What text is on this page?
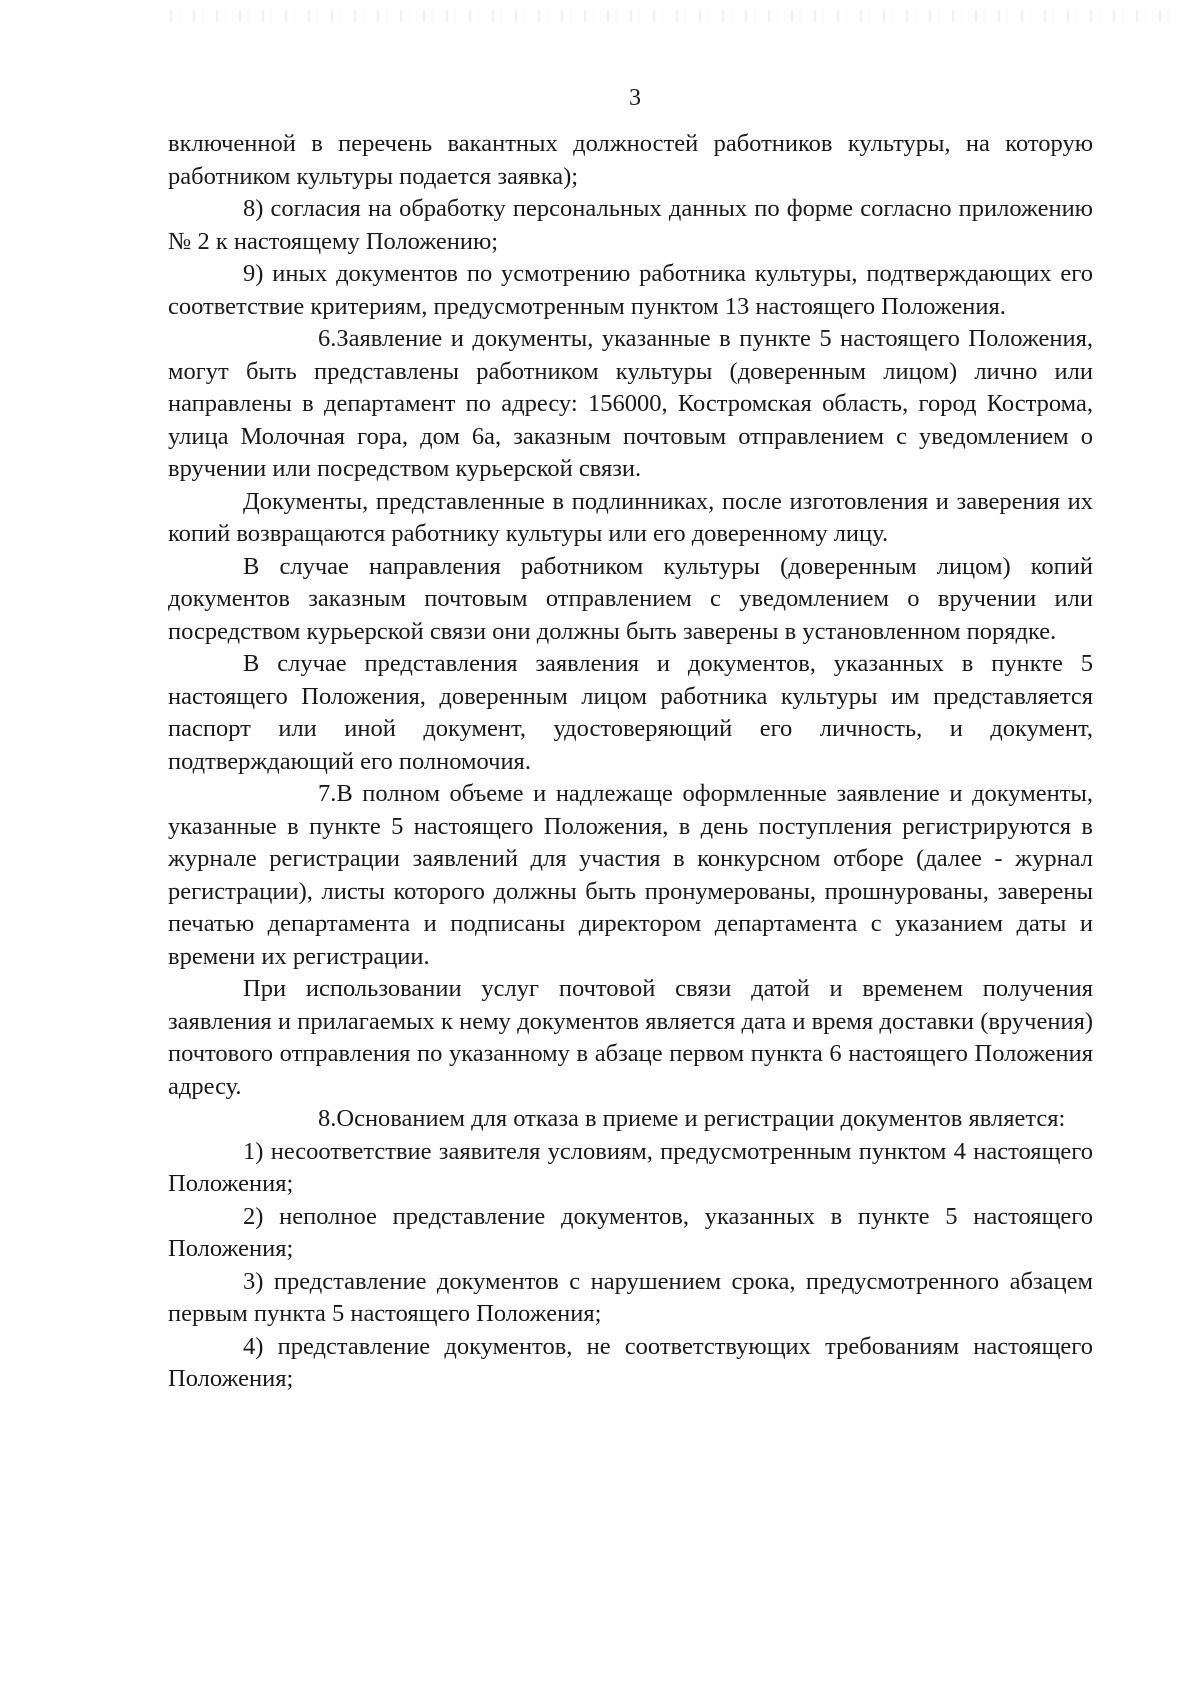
3

включенной в перечень вакантных должностей работников культуры, на которую работником культуры подается заявка);

8) согласия на обработку персональных данных по форме согласно приложению № 2 к настоящему Положению;

9) иных документов по усмотрению работника культуры, подтверждающих его соответствие критериям, предусмотренным пунктом 13 настоящего Положения.

6.Заявление и документы, указанные в пункте 5 настоящего Положения, могут быть представлены работником культуры (доверенным лицом) лично или направлены в департамент по адресу: 156000, Костромская область, город Кострома, улица Молочная гора, дом 6а, заказным почтовым отправлением с уведомлением о вручении или посредством курьерской связи.

Документы, представленные в подлинниках, после изготовления и заверения их копий возвращаются работнику культуры или его доверенному лицу.

В случае направления работником культуры (доверенным лицом) копий документов заказным почтовым отправлением с уведомлением о вручении или посредством курьерской связи они должны быть заверены в установленном порядке.

В случае представления заявления и документов, указанных в пункте 5 настоящего Положения, доверенным лицом работника культуры им представляется паспорт или иной документ, удостоверяющий его личность, и документ, подтверждающий его полномочия.

7.В полном объеме и надлежаще оформленные заявление и документы, указанные в пункте 5 настоящего Положения, в день поступления регистрируются в журнале регистрации заявлений для участия в конкурсном отборе (далее - журнал регистрации), листы которого должны быть пронумерованы, прошнурованы, заверены печатью департамента и подписаны директором департамента с указанием даты и времени их регистрации.

При использовании услуг почтовой связи датой и временем получения заявления и прилагаемых к нему документов является дата и время доставки (вручения) почтового отправления по указанному в абзаце первом пункта 6 настоящего Положения адресу.

8.Основанием для отказа в приеме и регистрации документов является:

1) несоответствие заявителя условиям, предусмотренным пунктом 4 настоящего Положения;

2) неполное представление документов, указанных в пункте 5 настоящего Положения;

3) представление документов с нарушением срока, предусмотренного абзацем первым пункта 5 настоящего Положения;

4) представление документов, не соответствующих требованиям настоящего Положения;
